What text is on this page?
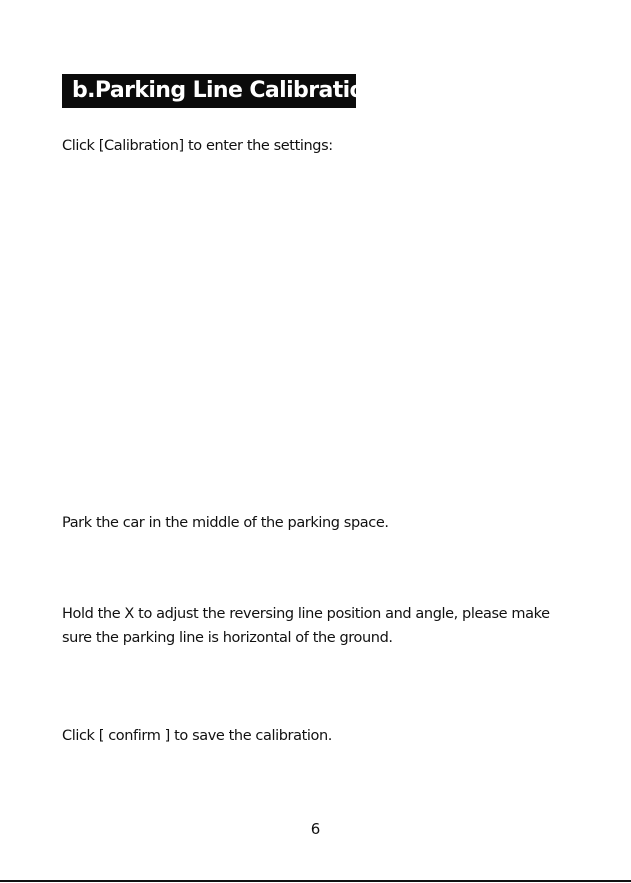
b.Parking Line Calibration

Click [Calibration] to enter the settings:

Park the car in the middle of the parking space.

Hold the X to adjust the reversing line position and angle, please make
sure the parking line is horizontal of the ground.

Click [ confirm ] to save the calibration.

6
